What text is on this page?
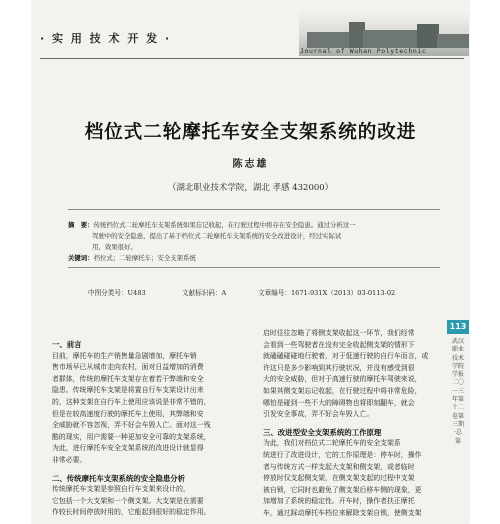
· 实 用 技 术 开 发 ·
Journal of Wuhan Polytechnic
档位式二轮摩托车安全支架系统的改进
陈志雄
（湖北职业技术学院，湖北 孝感 432000）
摘　要：传统档位式二轮摩托车支架系统如果忘记收起，在行驶过程中将存在安全隐患。通过分析这一
驾驶中的安全隐患，提出了基于档位式二轮摩托车支架系统的安全改进设计，经过实际试
用，效果很好。
关键词：档位式；二轮摩托车；安全支架系统
中图分类号：U483	文献标识码：A	文章编号：1671-931X（2013）03-0113-02

一、前言

目前，摩托车的生产销售量急剧增加，摩托车销

售市场早已从城市走向农村，面对日益增加的消费

者群体，传统的摩托车支架存在着若干弊端和安全

隐患。传统摩托车支架是将置自行车支架设计出来

的，这种支架在自行车上使用应该说是非常不错的，

但是在较高速度行驶的摩托车上使用，其弊端和安

全威胁就不容忽视，弄不好会车毁人亡。面对这一残

酷的现实，用户需要一种更加安全可靠的支架系统，

为此，进行摩托车安全支架系统的改进设计就显得

非常必要。

二、传统摩托车支架系统的安全隐患分析

传统摩托车支架是参照自行车支架来设计的，

它包括一个大支架和一个侧支架。大支架是在需要

作较长时间停放时用的，它能起到很好的稳定作用。

启时往往忽略了将侧支架收起这一环节，我们经常

会看到一些驾驶者在没有完全收起侧支架的情形下

就磕磕碰碰地行驶着，对于低速行驶的自行车而言，或

许这只是多少影响到其行驶状况，并没有感受到很

大的安全威胁，但对于高速行驶的摩托车驾驶来说，

如果其侧支架忘记收起，在行驶过程中将非常危险，

哪怕是碰到一些不大的障碍物也将即刻翻车，就会

引发安全事故，弄不好会车毁人亡。

三、改进型安全支架系统的工作原理

为此，我们对档位式二轮摩托车的安全支架系

统进行了改进设计，它的工作原理是：停车时，操作

者与传统方式一样支起大支架和侧支架，或者临时

停放时仅支起侧支架，在侧支架支起的过程中支架

被自锁，它同时也避免了侧支架后移车侧的现象，更

加增加了系统的稳定性。开车时，操作者扶正摩托

车，通过踩动摩托车档位来解除支架自锁，使侧支架

113
武汉职业技术学院学报二〇一三年第十二卷第三期·总第
